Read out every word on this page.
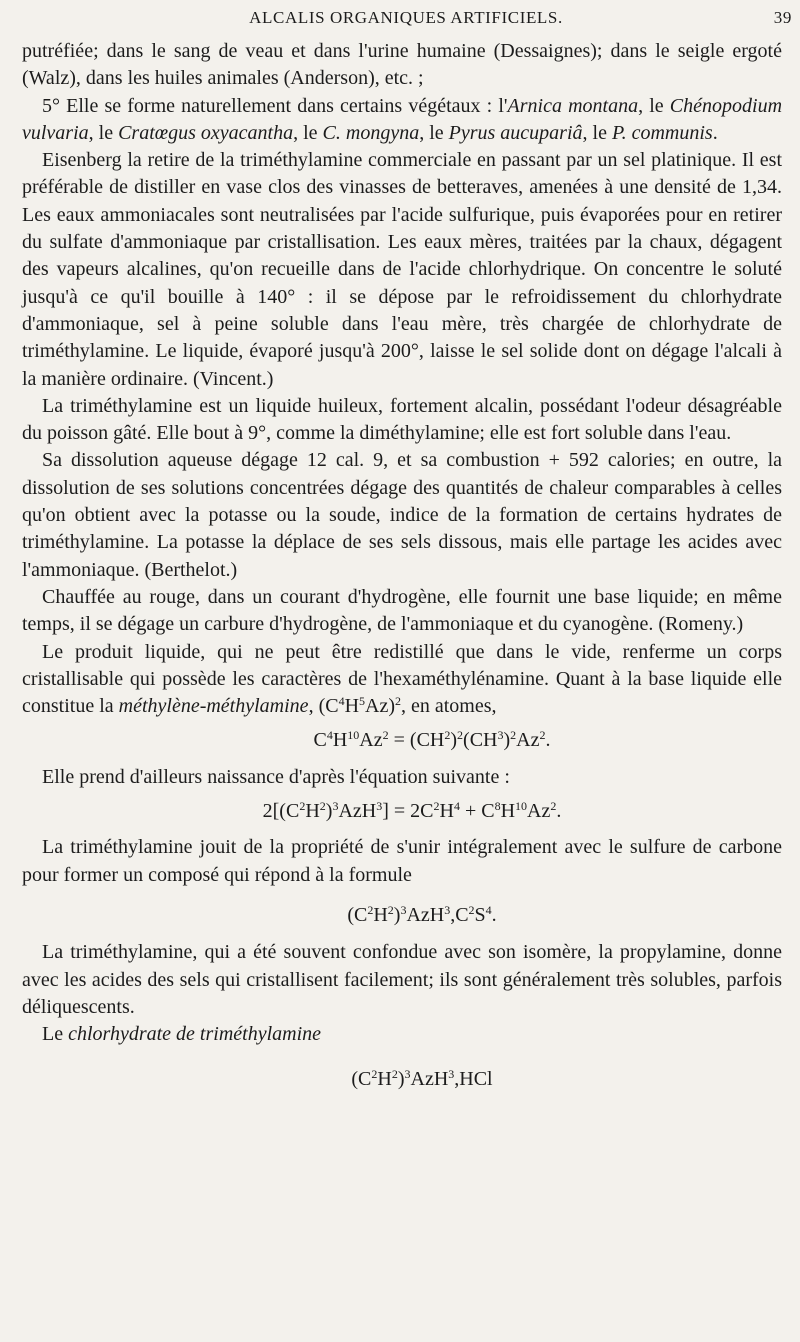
ALCALIS ORGANIQUES ARTIFICIELS.	39

putréfiée; dans le sang de veau et dans l'urine humaine (Dessaignes); dans le seigle ergoté (Walz), dans les huiles animales (Anderson), etc. ;

5° Elle se forme naturellement dans certains végétaux : l'Arnica montana, le Chénopodium vulvaria, le Cratœgus oxyacantha, le C. mongyna, le Pyrus aucupariâ, le P. communis.

Eisenberg la retire de la triméthylamine commerciale en passant par un sel platinique. Il est préférable de distiller en vase clos des vinasses de betteraves, amenées à une densité de 1,34. Les eaux ammoniacales sont neutralisées par l'acide sulfurique, puis évaporées pour en retirer du sulfate d'ammoniaque par cristallisation. Les eaux mères, traitées par la chaux, dégagent des vapeurs alcalines, qu'on recueille dans de l'acide chlorhydrique. On concentre le soluté jusqu'à ce qu'il bouille à 140° : il se dépose par le refroidissement du chlorhydrate d'ammoniaque, sel à peine soluble dans l'eau mère, très chargée de chlorhydrate de triméthylamine. Le liquide, évaporé jusqu'à 200°, laisse le sel solide dont on dégage l'alcali à la manière ordinaire. (Vincent.)

La triméthylamine est un liquide huileux, fortement alcalin, possédant l'odeur désagréable du poisson gâté. Elle bout à 9°, comme la diméthylamine; elle est fort soluble dans l'eau.

Sa dissolution aqueuse dégage 12 cal. 9, et sa combustion + 592 calories; en outre, la dissolution de ses solutions concentrées dégage des quantités de chaleur comparables à celles qu'on obtient avec la potasse ou la soude, indice de la formation de certains hydrates de triméthylamine. La potasse la déplace de ses sels dissous, mais elle partage les acides avec l'ammoniaque. (Berthelot.)

Chauffée au rouge, dans un courant d'hydrogène, elle fournit une base liquide; en même temps, il se dégage un carbure d'hydrogène, de l'ammoniaque et du cyanogène. (Romeny.)

Le produit liquide, qui ne peut être redistillé que dans le vide, renferme un corps cristallisable qui possède les caractères de l'hexaméthylénamine. Quant à la base liquide elle constitue la méthylène-méthylamine, $(C^4H^5Az)^2$, en atomes,

$C^4H^{10}Az^2 = (CH^2)^2(CH^3)^2Az^2$.

Elle prend d'ailleurs naissance d'après l'équation suivante :

$2[(C^2H^2)^3AzH^3] = 2C^2H^4 + C^8H^{10}Az^2$.

La triméthylamine jouit de la propriété de s'unir intégralement avec le sulfure de carbone pour former un composé qui répond à la formule

$(C^2H^2)^3AzH^3,C^2S^4$.

La triméthylamine, qui a été souvent confondue avec son isomère, la propylamine, donne avec les acides des sels qui cristallisent facilement; ils sont généralement très solubles, parfois déliquescents.

Le chlorhydrate de triméthylamine

$(C^2H^2)^3AzH^3,HCl$
